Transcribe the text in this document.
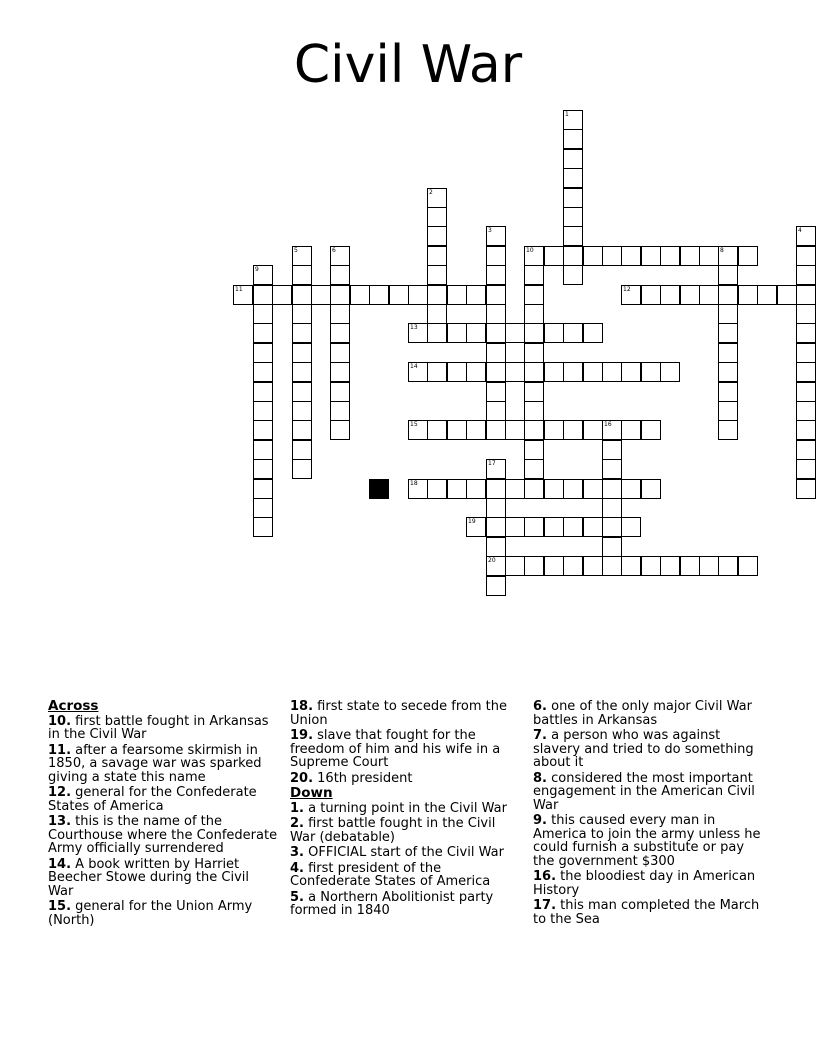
Civil War
10	8
11	12
13
14
15	16
18
19
20
1
2
3	4
5	6
9
17
Across
10. first battle fought in Arkansas in the Civil War
11. after a fearsome skirmish in 1850, a savage war was sparked giving a state this name
12. general for the Confederate States of America
13. this is the name of the Courthouse where the Confederate Army officially surrendered
14. A book written by Harriet Beecher Stowe during the Civil War
15. general for the Union Army (North)
18. first state to secede from the Union
19. slave that fought for the freedom of him and his wife in a Supreme Court
20. 16th president
Down
1. a turning point in the Civil War
2. first battle fought in the Civil War (debatable)
3. OFFICIAL start of the Civil War
4. first president of the Confederate States of America
5. a Northern Abolitionist party formed in 1840
6. one of the only major Civil War battles in Arkansas
7. a person who was against slavery and tried to do something about it
8. considered the most important engagement in the American Civil War
9. this caused every man in America to join the army unless he could furnish a substitute or pay the government $300
16. the bloodiest day in American History
17. this man completed the March to the Sea
